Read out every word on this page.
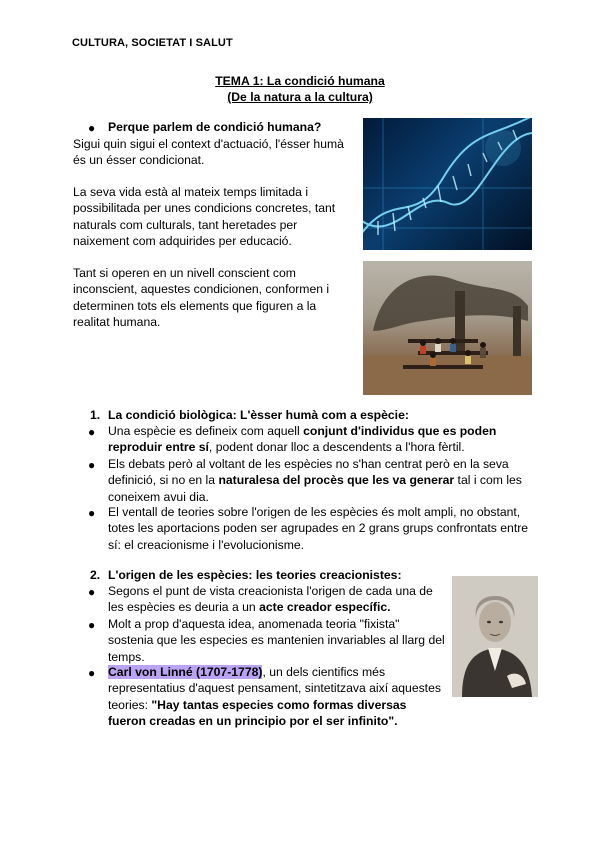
CULTURA, SOCIETAT I SALUT
TEMA 1: La condició humana
(De la natura a la cultura)
● Perque parlem de condició humana?

Sigui quin sigui el context d'actuació, l'ésser humà

és un ésser condicionat.

La seva vida està al mateix temps limitada i

possibilitada per unes condicions concretes, tant

naturals com culturals, tant heretades per

naixement com adquirides per educació.

Tant si operen en un nivell conscient com

inconscient, aquestes condicionen, conformen i

determinen tots els elements que figuren a la

realitat humana.

1. La condició biològica: L'èsser humà com a espècie:
● Una espècie es defineix com aquell conjunt d'individus que es poden

reproduir entre sí, podent donar lloc a descendents a l'hora fèrtil.

● Els debats però al voltant de les espècies no s'han centrat però en la seva

definició, si no en la naturalesa del procès que les va generar tal i com les

coneixem avui dia.

● El ventall de teories sobre l'origen de les espècies és molt ampli, no obstant,

totes les aportacions poden ser agrupades en 2 grans grups confrontats entre

sí: el creacionisme i l'evolucionisme.

2. L'origen de les espècies: les teories creacionistes:
● Segons el punt de vista creacionista l'origen de cada una de

les espècies es deuria a un acte creador específic.

● Molt a prop d'aquesta idea, anomenada teoria "fixista"

sostenia que les especies es mantenien invariables al llarg del

temps.

● Carl von Linné (1707-1778), un dels cientifics més

representatius d'aquest pensament, sintetitzava així aquestes

teories: "Hay tantas especies como formas diversas

fueron creadas en un principio por el ser infinito".
